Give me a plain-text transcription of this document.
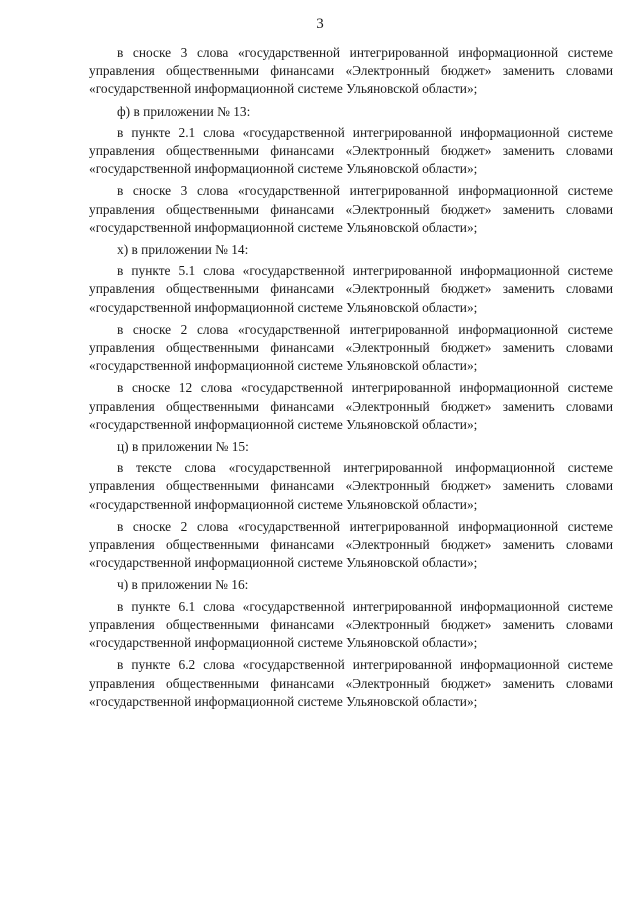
3

в сноске 3 слова «государственной интегрированной информационной системе управления общественными финансами «Электронный бюджет» заменить словами «государственной информационной системе Ульяновской области»;

ф) в приложении № 13:

в пункте 2.1 слова «государственной интегрированной информационной системе управления общественными финансами «Электронный бюджет» заменить словами «государственной информационной системе Ульяновской области»;

в сноске 3 слова «государственной интегрированной информационной системе управления общественными финансами «Электронный бюджет» заменить словами «государственной информационной системе Ульяновской области»;

х) в приложении № 14:

в пункте 5.1 слова «государственной интегрированной информационной системе управления общественными финансами «Электронный бюджет» заменить словами «государственной информационной системе Ульяновской области»;

в сноске 2 слова «государственной интегрированной информационной системе управления общественными финансами «Электронный бюджет» заменить словами «государственной информационной системе Ульяновской области»;

в сноске 12 слова «государственной интегрированной информационной системе управления общественными финансами «Электронный бюджет» заменить словами «государственной информационной системе Ульяновской области»;

ц) в приложении № 15:

в тексте слова «государственной интегрированной информационной системе управления общественными финансами «Электронный бюджет» заменить словами «государственной информационной системе Ульяновской области»;

в сноске 2 слова «государственной интегрированной информационной системе управления общественными финансами «Электронный бюджет» заменить словами «государственной информационной системе Ульяновской области»;

ч) в приложении № 16:

в пункте 6.1 слова «государственной интегрированной информационной системе управления общественными финансами «Электронный бюджет» заменить словами «государственной информационной системе Ульяновской области»;

в пункте 6.2 слова «государственной интегрированной информационной системе управления общественными финансами «Электронный бюджет» заменить словами «государственной информационной системе Ульяновской области»;
